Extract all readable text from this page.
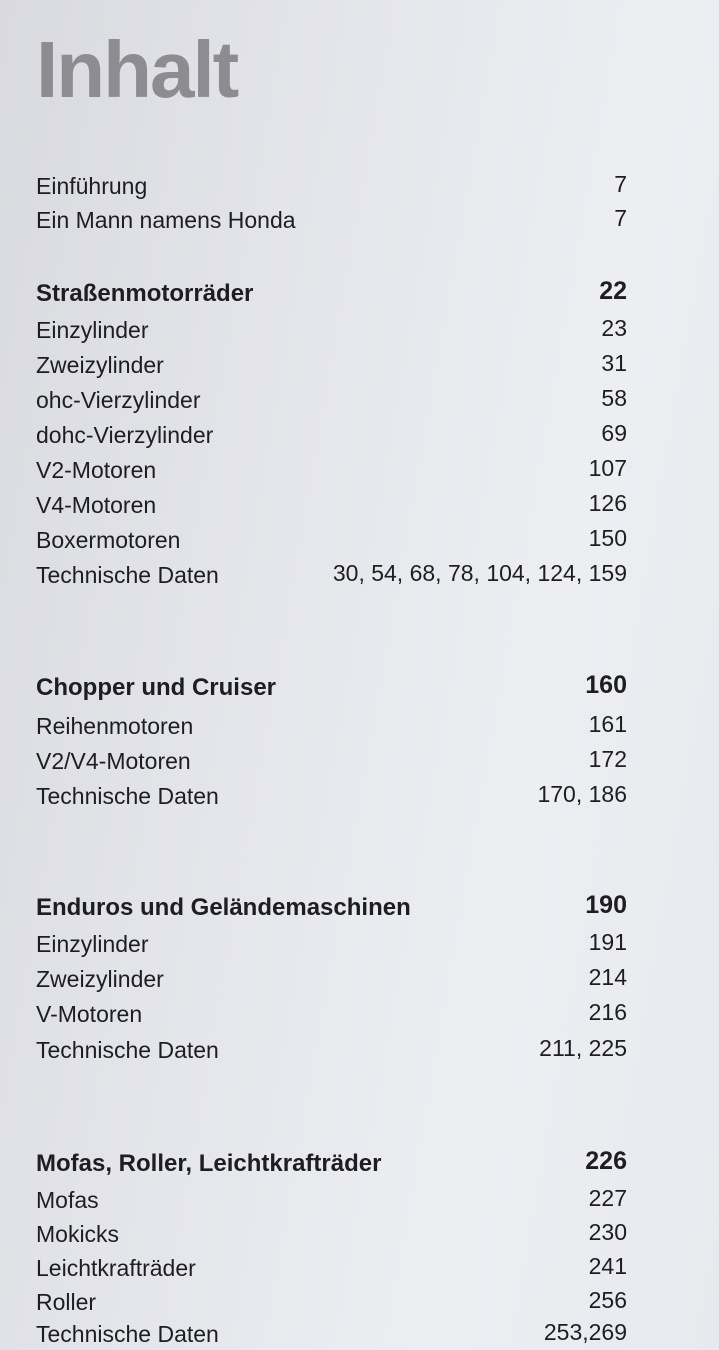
Inhalt
Einführung	7
Ein Mann namens Honda	7
Straßenmotorräder	22
Einzylinder	23
Zweizylinder	31
ohc-Vierzylinder	58
dohc-Vierzylinder	69
V2-Motoren	107
V4-Motoren	126
Boxermotoren	150
Technische Daten	30, 54, 68, 78, 104, 124, 159
Chopper und Cruiser	160
Reihenmotoren	161
V2/V4-Motoren	172
Technische Daten	170, 186
Enduros und Geländemaschinen	190
Einzylinder	191
Zweizylinder	214
V-Motoren	216
Technische Daten	211, 225
Mofas, Roller, Leichtkrafträder	226
Mofas	227
Mokicks	230
Leichtkrafträder	241
Roller	256
Technische Daten	253,269
